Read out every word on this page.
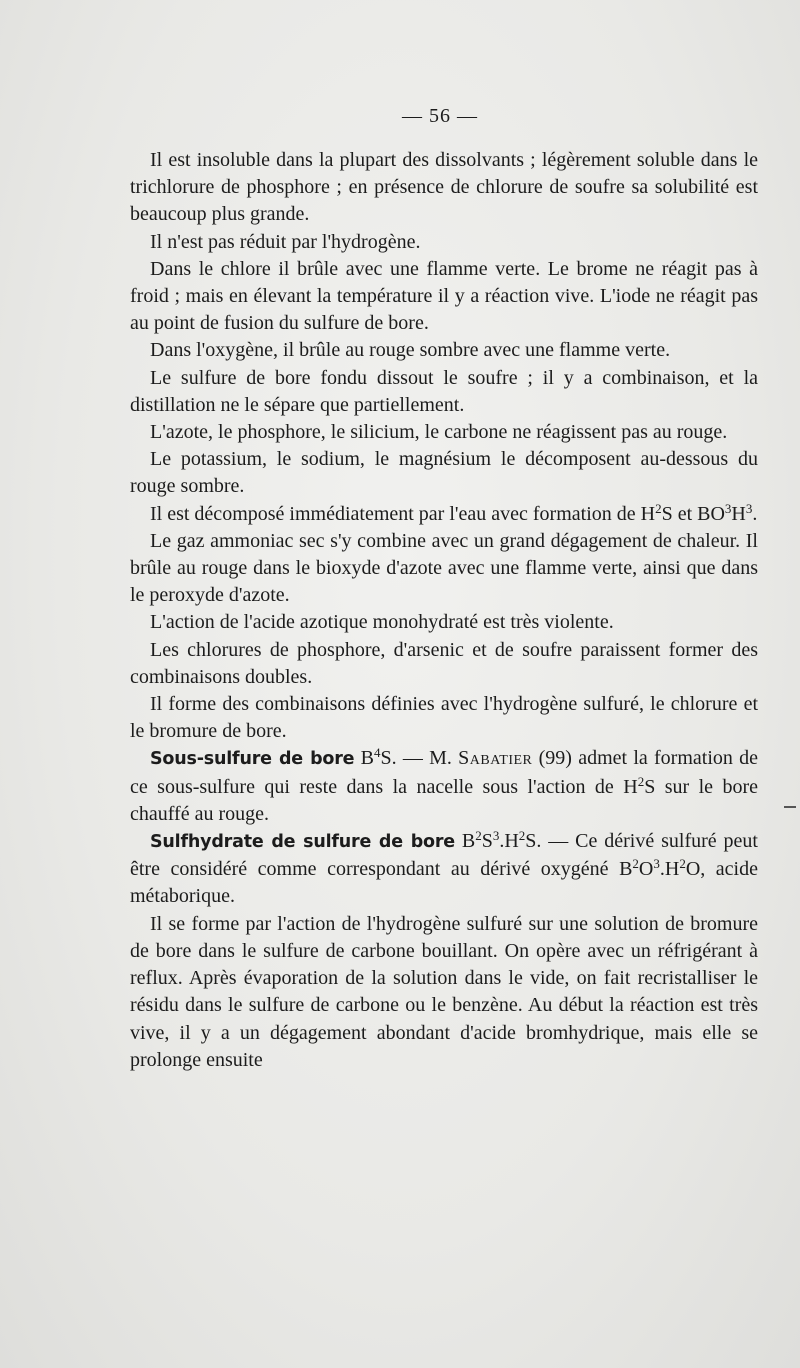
— 56 —

Il est insoluble dans la plupart des dissolvants ; légèrement soluble dans le trichlorure de phosphore ; en présence de chlorure de soufre sa solubilité est beaucoup plus grande.

Il n'est pas réduit par l'hydrogène.

Dans le chlore il brûle avec une flamme verte. Le brome ne réagit pas à froid ; mais en élevant la température il y a réaction vive. L'iode ne réagit pas au point de fusion du sulfure de bore.

Dans l'oxygène, il brûle au rouge sombre avec une flamme verte.

Le sulfure de bore fondu dissout le soufre ; il y a combinaison, et la distillation ne le sépare que partiellement.

L'azote, le phosphore, le silicium, le carbone ne réagissent pas au rouge.

Le potassium, le sodium, le magnésium le décomposent au-dessous du rouge sombre.

Il est décomposé immédiatement par l'eau avec formation de $H^2S$ et $BO^3H^3$.

Le gaz ammoniac sec s'y combine avec un grand dégagement de chaleur. Il brûle au rouge dans le bioxyde d'azote avec une flamme verte, ainsi que dans le peroxyde d'azote.

L'action de l'acide azotique monohydraté est très violente.

Les chlorures de phosphore, d'arsenic et de soufre paraissent former des combinaisons doubles.

Il forme des combinaisons définies avec l'hydrogène sulfuré, le chlorure et le bromure de bore.

Sous-sulfure de bore $B^4S$. — M. Sabatier (99) admet la formation de ce sous-sulfure qui reste dans la nacelle sous l'action de $H^2S$ sur le bore chauffé au rouge.

Sulfhydrate de sulfure de bore $B^2S^3.H^2S$. — Ce dérivé sulfuré peut être considéré comme correspondant au dérivé oxygéné $B^2O^3.H^2O$, acide métaborique.

Il se forme par l'action de l'hydrogène sulfuré sur une solution de bromure de bore dans le sulfure de carbone bouillant. On opère avec un réfrigérant à reflux. Après évaporation de la solution dans le vide, on fait recristalliser le résidu dans le sulfure de carbone ou le benzène. Au début la réaction est très vive, il y a un dégagement abondant d'acide bromhydrique, mais elle se prolonge ensuite
